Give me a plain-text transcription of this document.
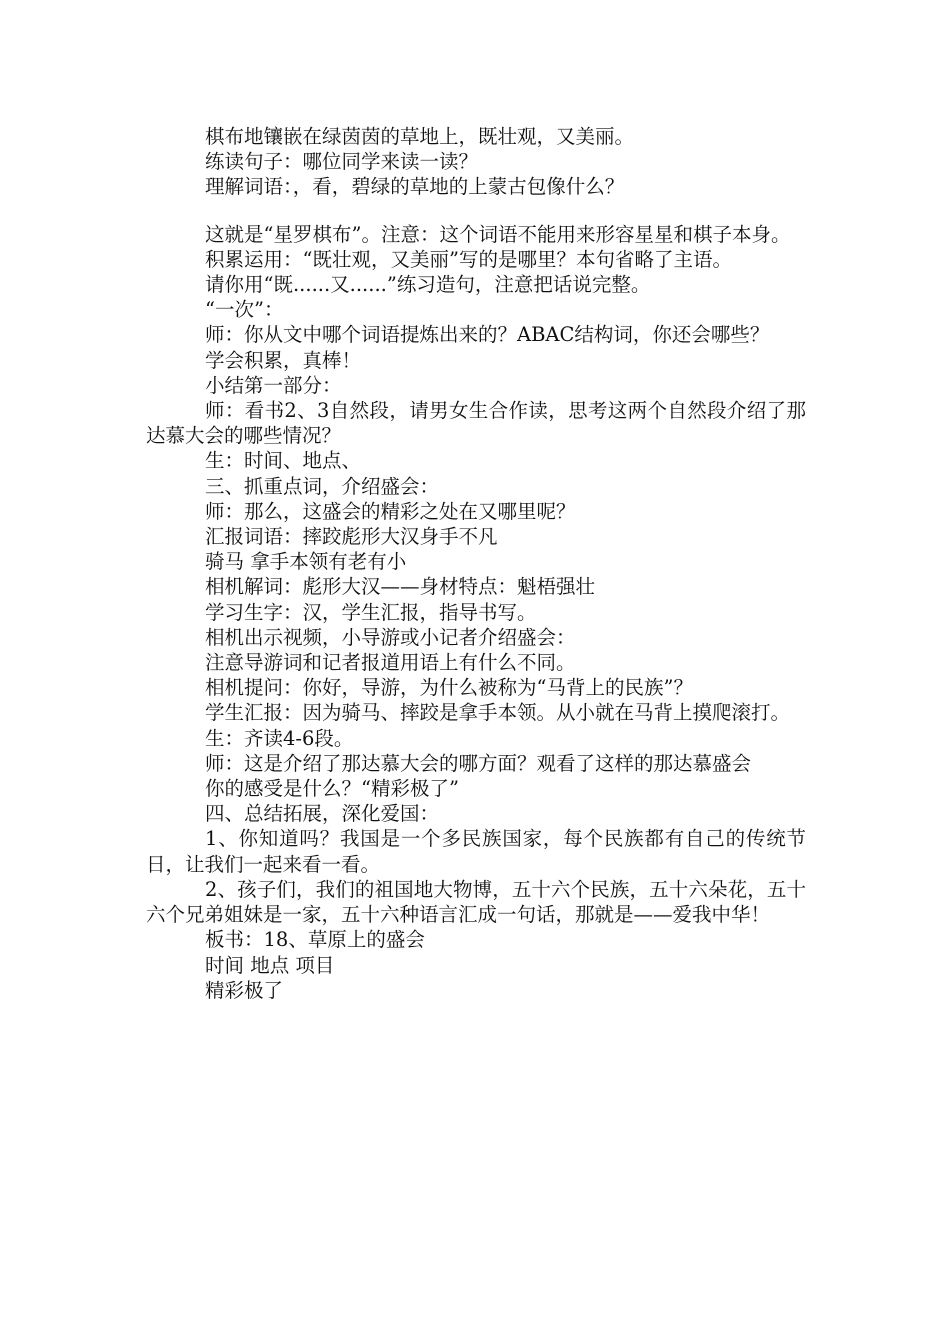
棋布地镶嵌在绿茵茵的草地上，既壮观，又美丽。

练读句子：哪位同学来读一读？

理解词语：，看，碧绿的草地的上蒙古包像什么？

这就是“星罗棋布”。注意：这个词语不能用来形容星星和棋子本身。

积累运用：“既壮观，又美丽”写的是哪里？本句省略了主语。

请你用“既......又......”练习造句，注意把话说完整。

“一次”：

师：你从文中哪个词语提炼出来的？ABAC结构词，你还会哪些？

学会积累，真棒！

小结第一部分：

师：看书2、3自然段，请男女生合作读，思考这两个自然段介绍了那达慕大会的哪些情况？

生：时间、地点、

三、抓重点词，介绍盛会：

师：那么，这盛会的精彩之处在又哪里呢？

汇报词语：摔跤彪形大汉身手不凡

骑马 拿手本领有老有小

相机解词：彪形大汉——身材特点：魁梧强壮

学习生字：汉，学生汇报，指导书写。

相机出示视频，小导游或小记者介绍盛会：

注意导游词和记者报道用语上有什么不同。

相机提问：你好，导游，为什么被称为“马背上的民族”？

学生汇报：因为骑马、摔跤是拿手本领。从小就在马背上摸爬滚打。

生：齐读4-6段。

师：这是介绍了那达慕大会的哪方面？观看了这样的那达慕盛会

你的感受是什么？“精彩极了”

四、总结拓展，深化爱国：

1、你知道吗？我国是一个多民族国家，每个民族都有自己的传统节日，让我们一起来看一看。

2、孩子们，我们的祖国地大物博，五十六个民族，五十六朵花，五十六个兄弟姐妹是一家，五十六种语言汇成一句话，那就是——爱我中华！

板书：18、草原上的盛会

时间 地点 项目

精彩极了
